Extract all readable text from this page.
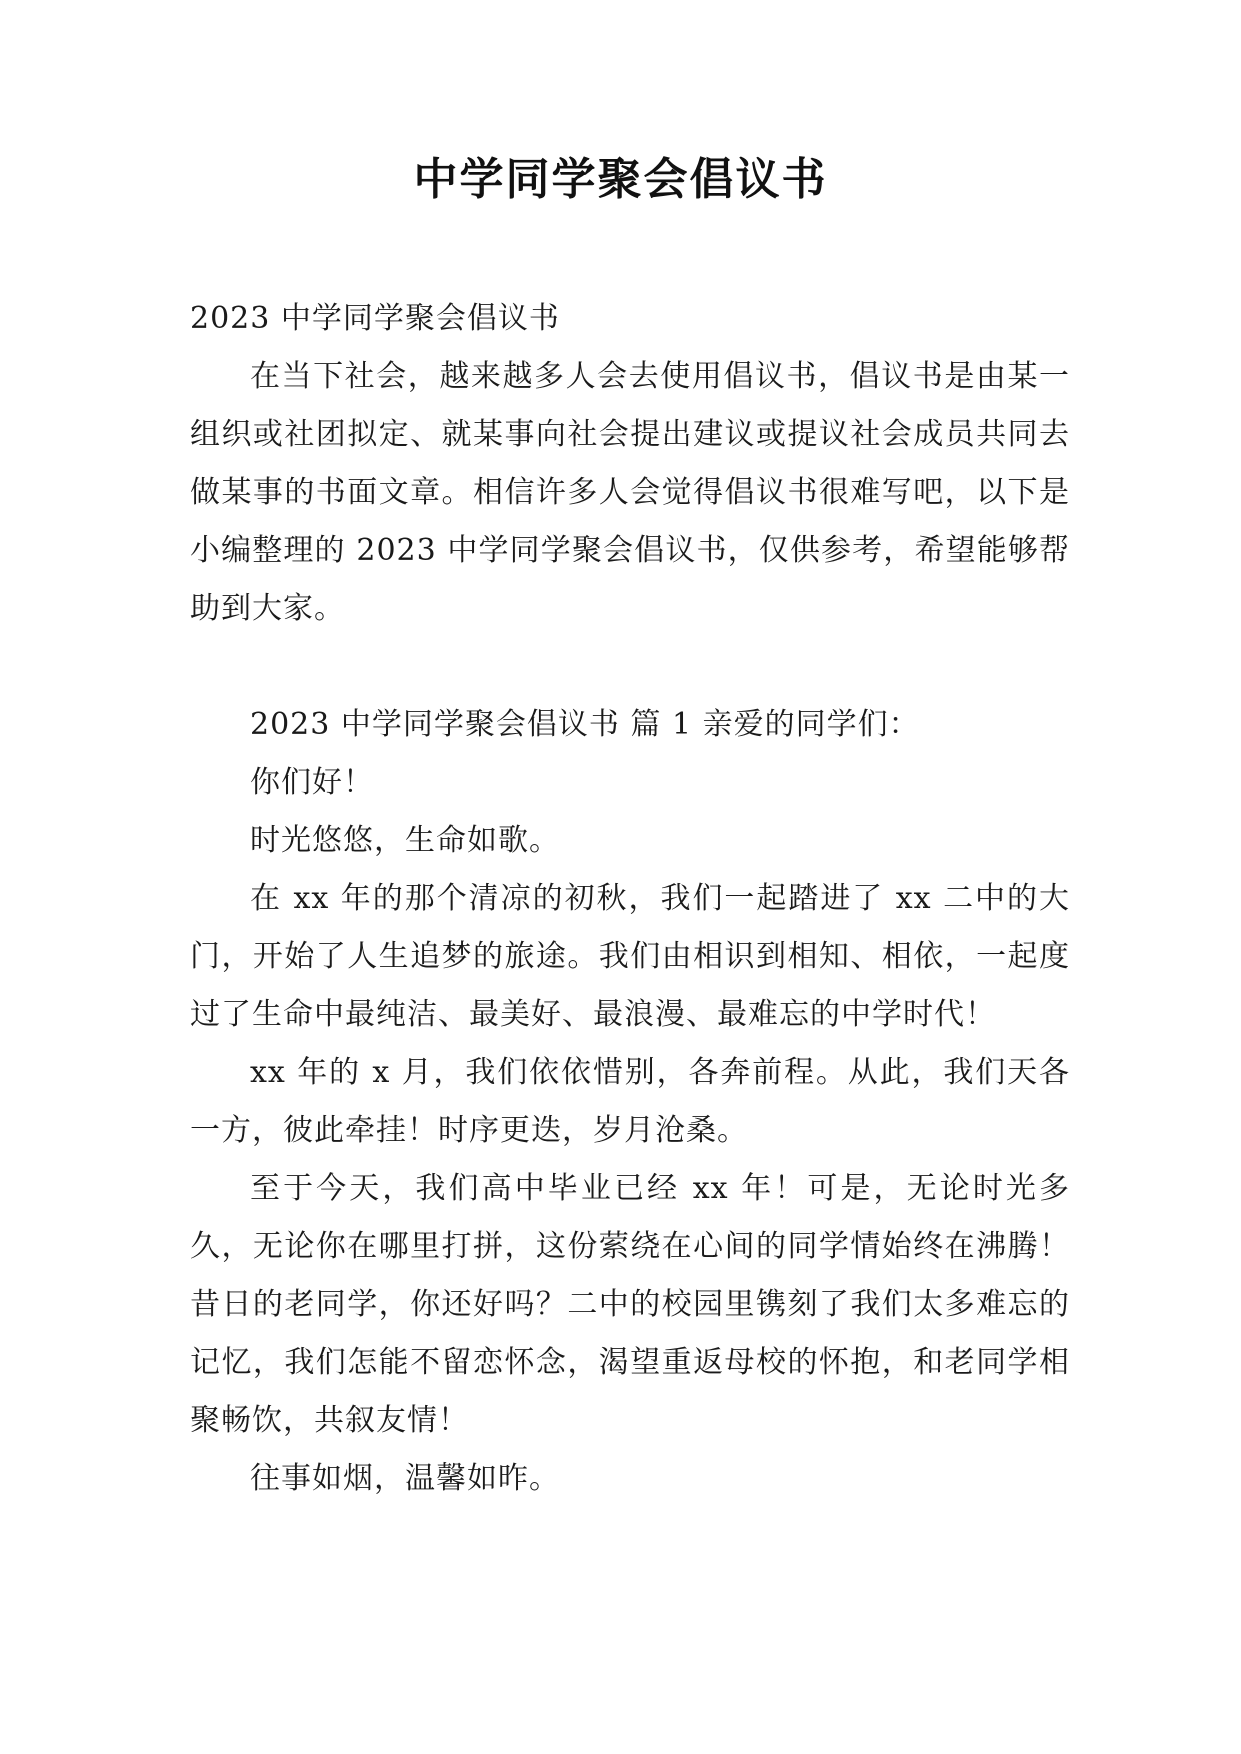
中学同学聚会倡议书

2023 中学同学聚会倡议书

在当下社会，越来越多人会去使用倡议书，倡议书是由某一组织或社团拟定、就某事向社会提出建议或提议社会成员共同去做某事的书面文章。相信许多人会觉得倡议书很难写吧，以下是小编整理的 2023 中学同学聚会倡议书，仅供参考，希望能够帮助到大家。

2023 中学同学聚会倡议书 篇 1 亲爱的同学们：

你们好！

时光悠悠，生命如歌。

在 xx 年的那个清凉的初秋，我们一起踏进了 xx 二中的大门，开始了人生追梦的旅途。我们由相识到相知、相依，一起度过了生命中最纯洁、最美好、最浪漫、最难忘的中学时代！

xx 年的 x 月，我们依依惜别，各奔前程。从此，我们天各一方，彼此牵挂！时序更迭，岁月沧桑。

至于今天，我们高中毕业已经 xx 年！可是，无论时光多久，无论你在哪里打拼，这份萦绕在心间的同学情始终在沸腾！昔日的老同学，你还好吗？二中的校园里镌刻了我们太多难忘的记忆，我们怎能不留恋怀念，渴望重返母校的怀抱，和老同学相聚畅饮，共叙友情！

往事如烟，温馨如昨。
